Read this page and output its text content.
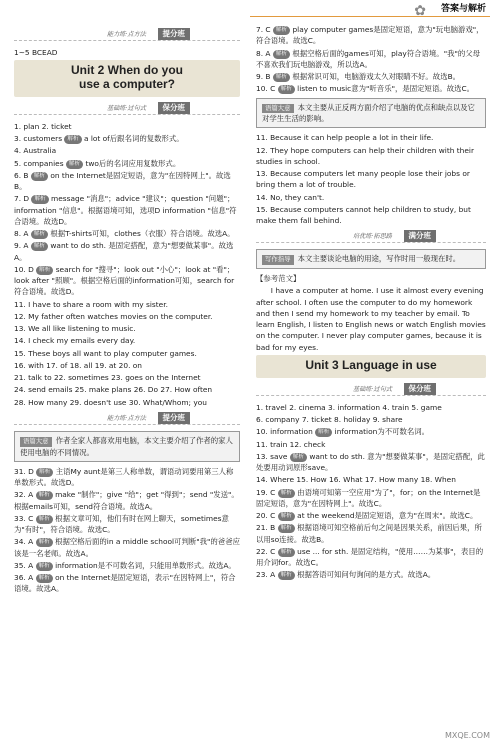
✿ 答案与解析
能力练·点方法	提分班
1~5 BCEAD
Unit 2 When do you
use a computer?
基础练·过句式	保分班
1. plan 2. ticket
3. customers 解析 a lot of后跟名词的复数形式。
4. Australia
5. companies 解析 two后的名词应用复数形式。
6. B 解析 on the Internet是固定短语，意为"在因特网上"。故选B。
7. D 解析 message "消息"；advice "建议"；question "问题"；information "信息"。根据语境可知，选项D information "信息"符合语境。故选D。
8. A 解析 根据T-shirts可知，clothes（衣服）符合语境。故选A。
9. A 解析 want to do sth. 是固定搭配，意为"想要做某事"。故选A。
10. D 解析 search for "搜寻"；look out "小心"；look at "看"；look after "照顾"。根据空格后面的information可知，search for符合语境。故选D。
11. I have to share a room with my sister.
12. My father often watches movies on the computer.
13. We all like listening to music.
14. I check my emails every day.
15. These boys all want to play computer games.
16. with 17. of 18. all 19. at 20. on
21. talk to 22. sometimes 23. goes on the Internet
24. send emails 25. make plans 26. Do 27. How often
28. How many 29. doesn't use 30. What/Whom; you
能力练·点方法	提分班
语篇大意 作者全家人都喜欢用电脑，本文主要介绍了作者的家人使用电脑的不同情况。
31. D 解析 主语My aunt是第三人称单数，谓语动词要用第三人称单数形式。故选D。
32. A 解析 make "制作"；give "给"；get "得到"；send "发送"。根据emails可知，send符合语境。故选A。
33. C 解析 根据文章可知，他们有时在网上聊天，sometimes意为"有时"，符合语境。故选C。
34. A 解析 根据空格后面的in a middle school可判断"我"的爸爸应该是一名老师。故选A。
35. A 解析 information是不可数名词，只能用单数形式。故选A。
36. A 解析 on the Internet是固定短语，表示"在因特网上"，符合语境。故选A。
7. C 解析 play computer games是固定短语，意为"玩电脑游戏"，符合语境。故选C。
8. A 解析 根据空格后面的games可知，play符合语境。"我"的父母不喜欢我们玩电脑游戏，所以选A。
9. B 解析 根据常识可知，电脑游戏太久对眼睛不好。故选B。
10. C 解析 listen to music意为"听音乐"，是固定短语。故选C。
语篇大意 本文主要从正反两方面介绍了电脑的优点和缺点以及它对学生生活的影响。
11. Because it can help people a lot in their life.
12. They hope computers can help their children with their studies in school.
13. Because computers let many people lose their jobs or bring them a lot of trouble.
14. No, they can't.
15. Because computers cannot help children to study, but make them fall behind.
培优练·拓思路	满分班
写作指导 本文主要谈论电脑的用途，写作时用一般现在时。
【参考范文】
I have a computer at home. I use it almost every evening after school. I often use the computer to do my homework and then I send my homework to my teacher by email. To learn English, I listen to English news or watch English movies on the computer. I never play computer games, because it is bad for my eyes.
Unit 3 Language in use
基础练·过句式	保分班
1. travel 2. cinema 3. information 4. train 5. game
6. company 7. ticket 8. holiday 9. share
10. information 解析 information为不可数名词。
11. train 12. check
13. save 解析 want to do sth. 意为"想要做某事"，是固定搭配，此处要用动词原形save。
14. Where 15. How 16. What 17. How many 18. When
19. C 解析 由语境可知第一空应用"为了"，for；on the Internet是固定短语，意为"在因特网上"。故选C。
20. C 解析 at the weekend是固定短语，意为"在周末"。故选C。
21. B 解析 根据语境可知空格前后句之间是因果关系，前因后果，所以用so连接。故选B。
22. C 解析 use ... for sth. 是固定结构，"使用……为某事"，表目的用介词for。故选C。
23. A 解析 根据答语可知问句询问的是方式。故选A。
MXQE.COM
